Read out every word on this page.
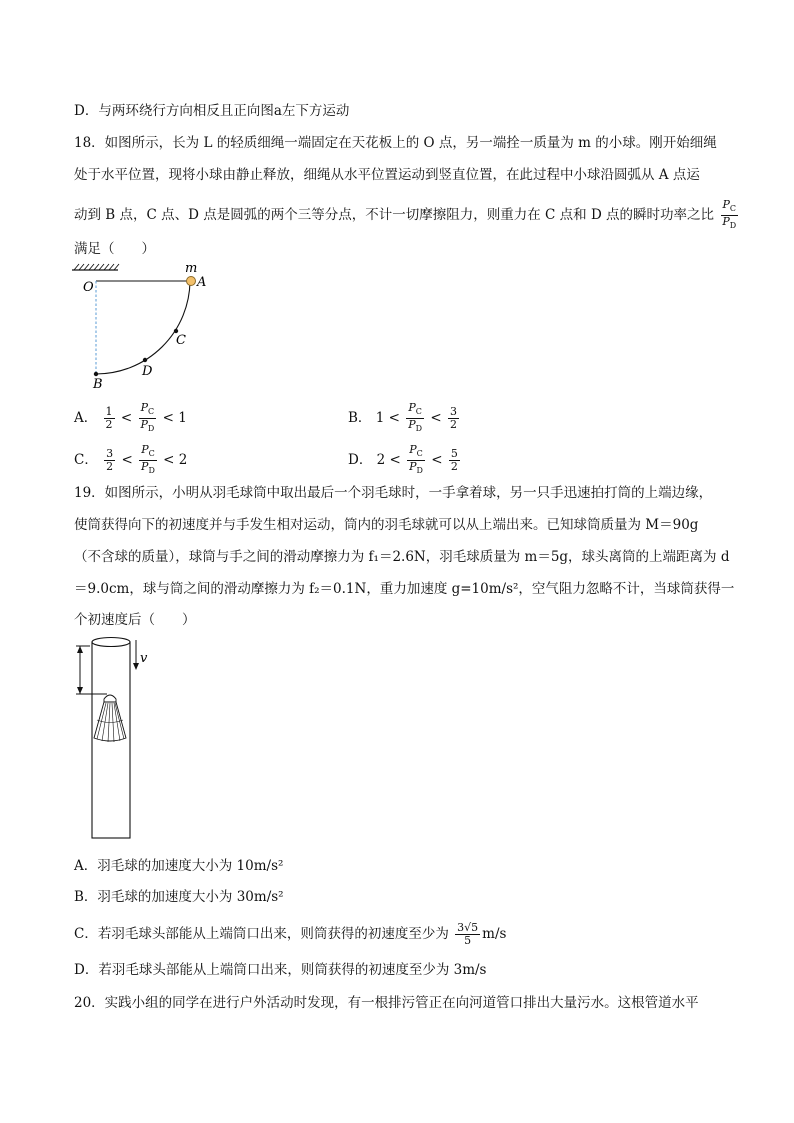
D．与两环绕行方向相反且正向图a左下方运动
18．如图所示，长为 L 的轻质细绳一端固定在天花板上的 O 点，另一端拴一质量为 m 的小球。刚开始细绳
处于水平位置，现将小球由静止释放，细绳从水平位置运动到竖直位置，在此过程中小球沿圆弧从 A 点运
动到 B 点，C 点、D 点是圆弧的两个三等分点，不计一切摩擦阻力，则重力在 C 点和 D 点的瞬时功率之比 $\frac{P_C}{P_D}$
满足（　　）
m
O	A
C
D
B
A． $\frac{1}{2} < \frac{P_C}{P_D} < 1$	B． $1 < \frac{P_C}{P_D} < \frac{3}{2}$
C． $\frac{3}{2} < \frac{P_C}{P_D} < 2$	D． $2 < \frac{P_C}{P_D} < \frac{5}{2}$
19．如图所示，小明从羽毛球筒中取出最后一个羽毛球时，一手拿着球，另一只手迅速拍打筒的上端边缘，
使筒获得向下的初速度并与手发生相对运动，筒内的羽毛球就可以从上端出来。已知球筒质量为 M＝90g
（不含球的质量），球筒与手之间的滑动摩擦力为 f₁＝2.6N，羽毛球质量为 m＝5g，球头离筒的上端距离为 d
＝9.0cm，球与筒之间的滑动摩擦力为 f₂＝0.1N，重力加速度 g=10m/s²，空气阻力忽略不计，当球筒获得一
个初速度后（　　）
v
A．羽毛球的加速度大小为 10m/s²
B．羽毛球的加速度大小为 30m/s²
C．若羽毛球头部能从上端筒口出来，则筒获得的初速度至少为 $\frac{3√5}{5} m/s$
D．若羽毛球头部能从上端筒口出来，则筒获得的初速度至少为 3m/s
20．实践小组的同学在进行户外活动时发现，有一根排污管正在向河道管口排出大量污水。这根管道水平
